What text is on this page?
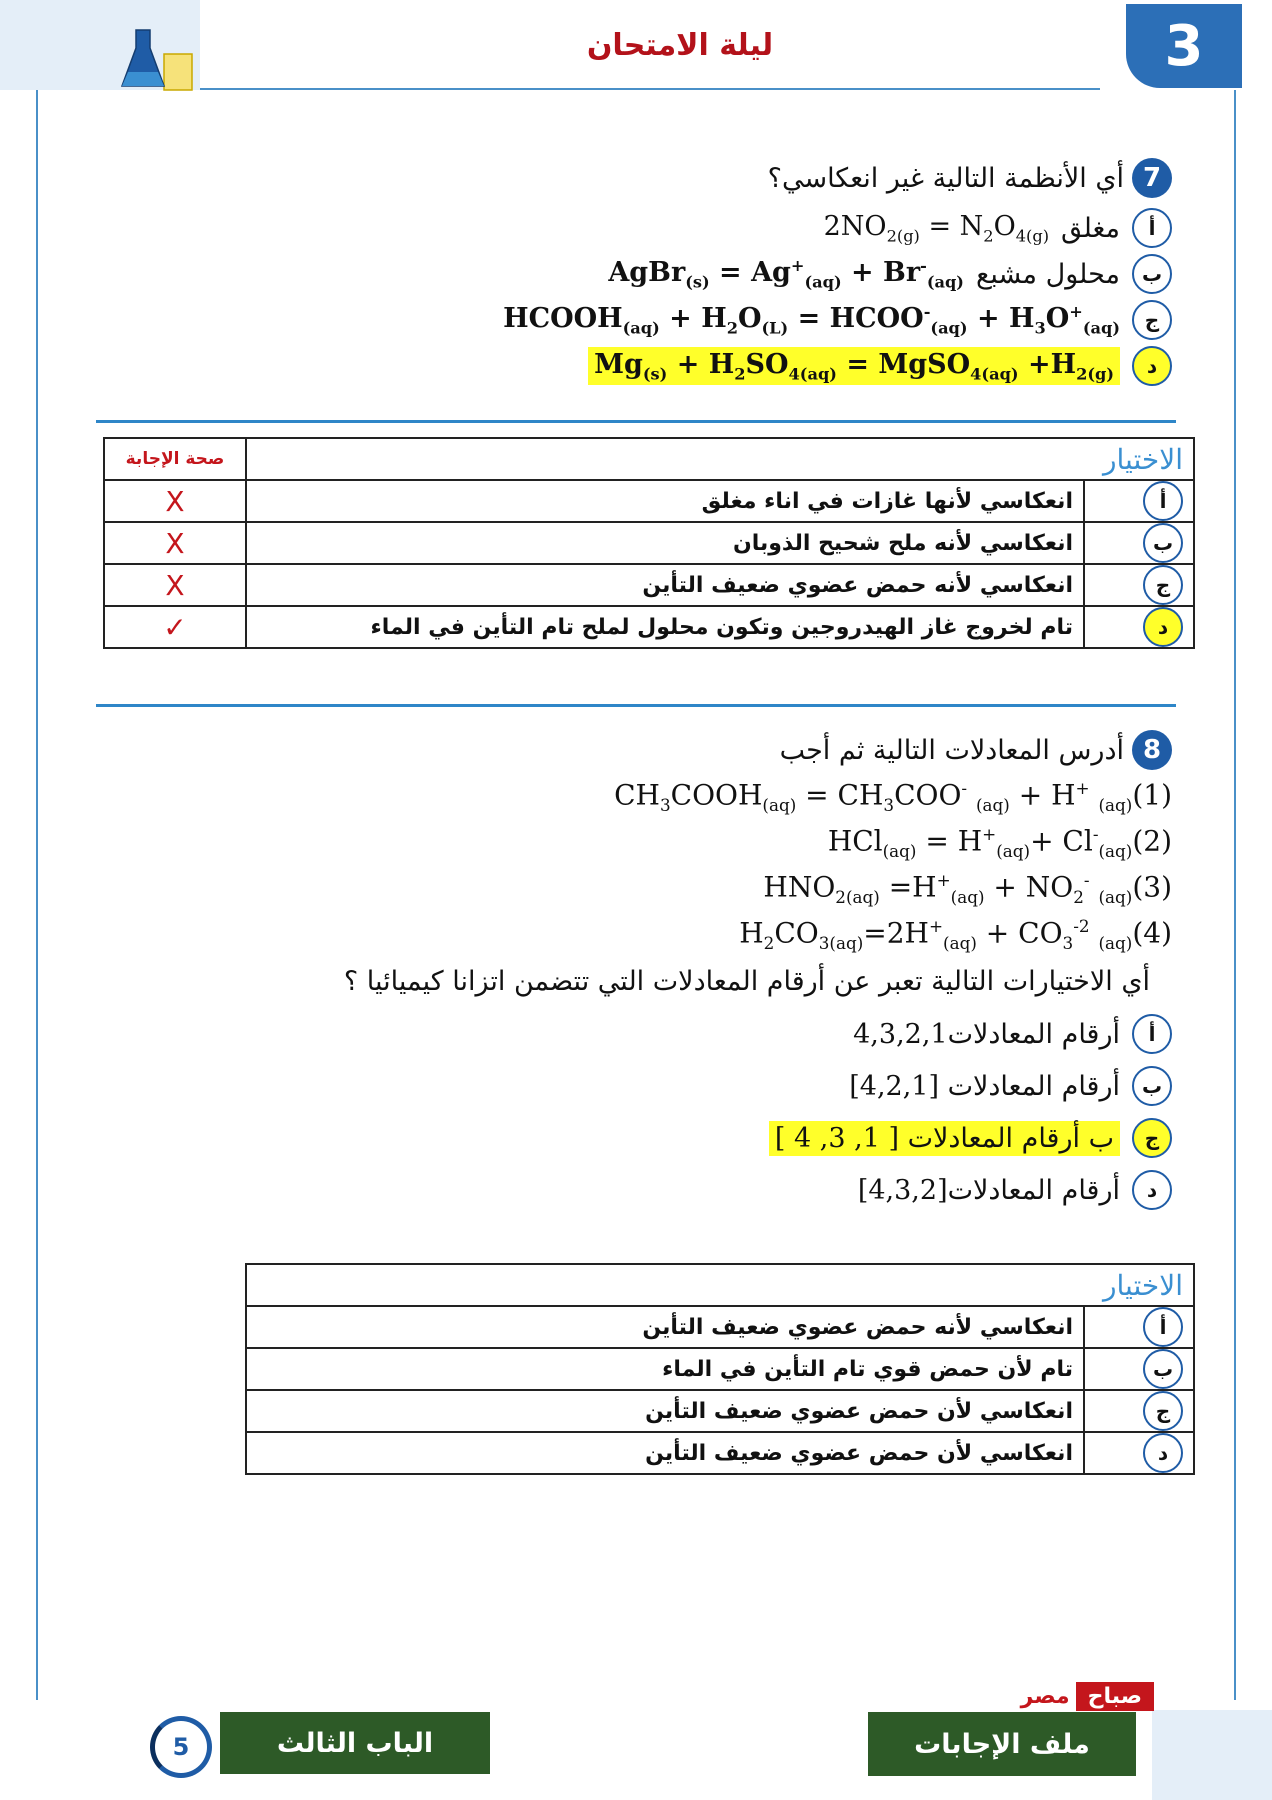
ليلة الامتحان	3
7
أي الأنظمة التالية غير انعكاسي؟
أ
مغلق
$2NO_{2(g)} = N_2O_{4(g)}$
ب
محلول مشبع
AgBr$_{(s)}$ = $Ag^+_{(aq)} + Br^-_{(aq)}$
ج
$HCOOH_{(aq)} + H_2O_{(L)}$ = $HCOO^-_{(aq)} + H_3O^+_{(aq)}$
د
$Mg_{(s)} + H_2SO_{4(aq)}$ = MgSO$_{4(aq)}$ $+H_{2(g)}$
الاختيار		صحة الإجابة
أ	انعكاسي لأنها غازات في اناء مغلق	X
ب	انعكاسي لأنه ملح شحيح الذوبان	X
ج	انعكاسي لأنه حمض عضوي ضعيف التأين	X
د	تام لخروج غاز الهيدروجين وتكون محلول لملح تام التأين في الماء	✓
8
أدرس المعادلات التالية ثم أجب
$CH_3COOH_{(aq)} = CH_3COO^-$ $_{(aq)}$ + H+ $_{(aq)}$(1)
$HCl_{(aq)} = H^+_{(aq)}+ Cl^-_{(aq)}(2)$
$HNO_{2(aq)} =H^+_{(aq)} + NO_2^-$ $_{(aq)}$(3)
$H_2CO_{3(aq)}=2H^+_{(aq)} + CO_3^{-2}$ $_{(aq)}$(4)
أي الاختيارات التالية تعبر عن أرقام المعادلات التي تتضمن اتزانا كيميائيا ؟
أ
أرقام المعادلات4,3,2,1
ب
أرقام المعادلات [4,2,1]
ج
ب أرقام المعادلات [ 1, 3, 4 ]
د
أرقام المعادلات[4,3,2]
الاختيار	
أ	انعكاسي لأنه حمض عضوي ضعيف التأين
ب	تام لأن حمض قوي تام التأين في الماء
ج	انعكاسي لأن حمض عضوي ضعيف التأين
د	انعكاسي لأن حمض عضوي ضعيف التأين
صباح
مصر
ملف الإجابات
الباب الثالث
5
